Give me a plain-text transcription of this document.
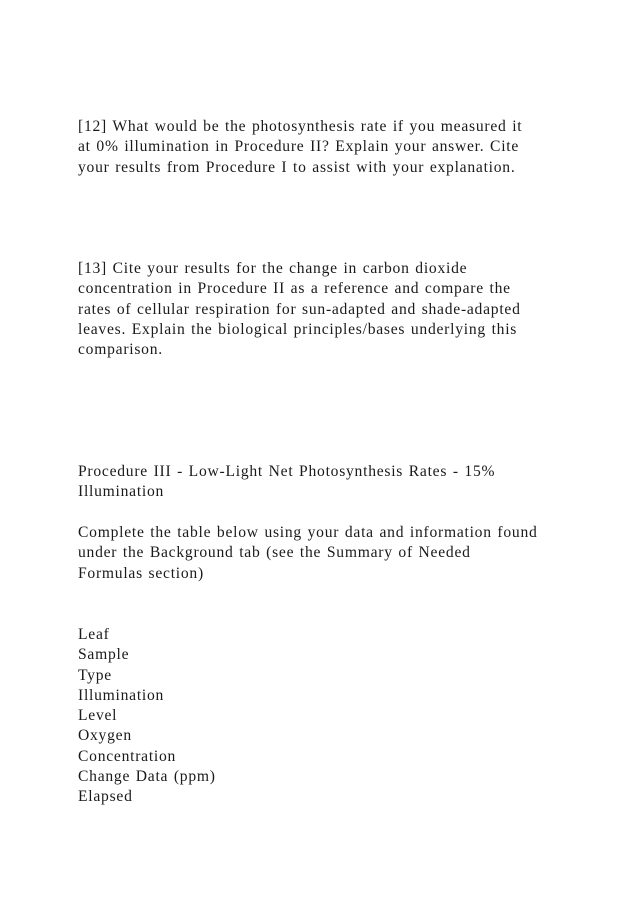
[12] What would be the photosynthesis rate if you measured it
at 0% illumination in Procedure II? Explain your answer. Cite
your results from Procedure I to assist with your explanation.
[13] Cite your results for the change in carbon dioxide
concentration in Procedure II as a reference and compare the
rates of cellular respiration for sun-adapted and shade-adapted
leaves. Explain the biological principles/bases underlying this
comparison.
Procedure III - Low-Light Net Photosynthesis Rates - 15%
Illumination
Complete the table below using your data and information found
under the Background tab (see the Summary of Needed
Formulas section)
Leaf
Sample
Type
Illumination
Level
Oxygen
Concentration
Change Data (ppm)
Elapsed
